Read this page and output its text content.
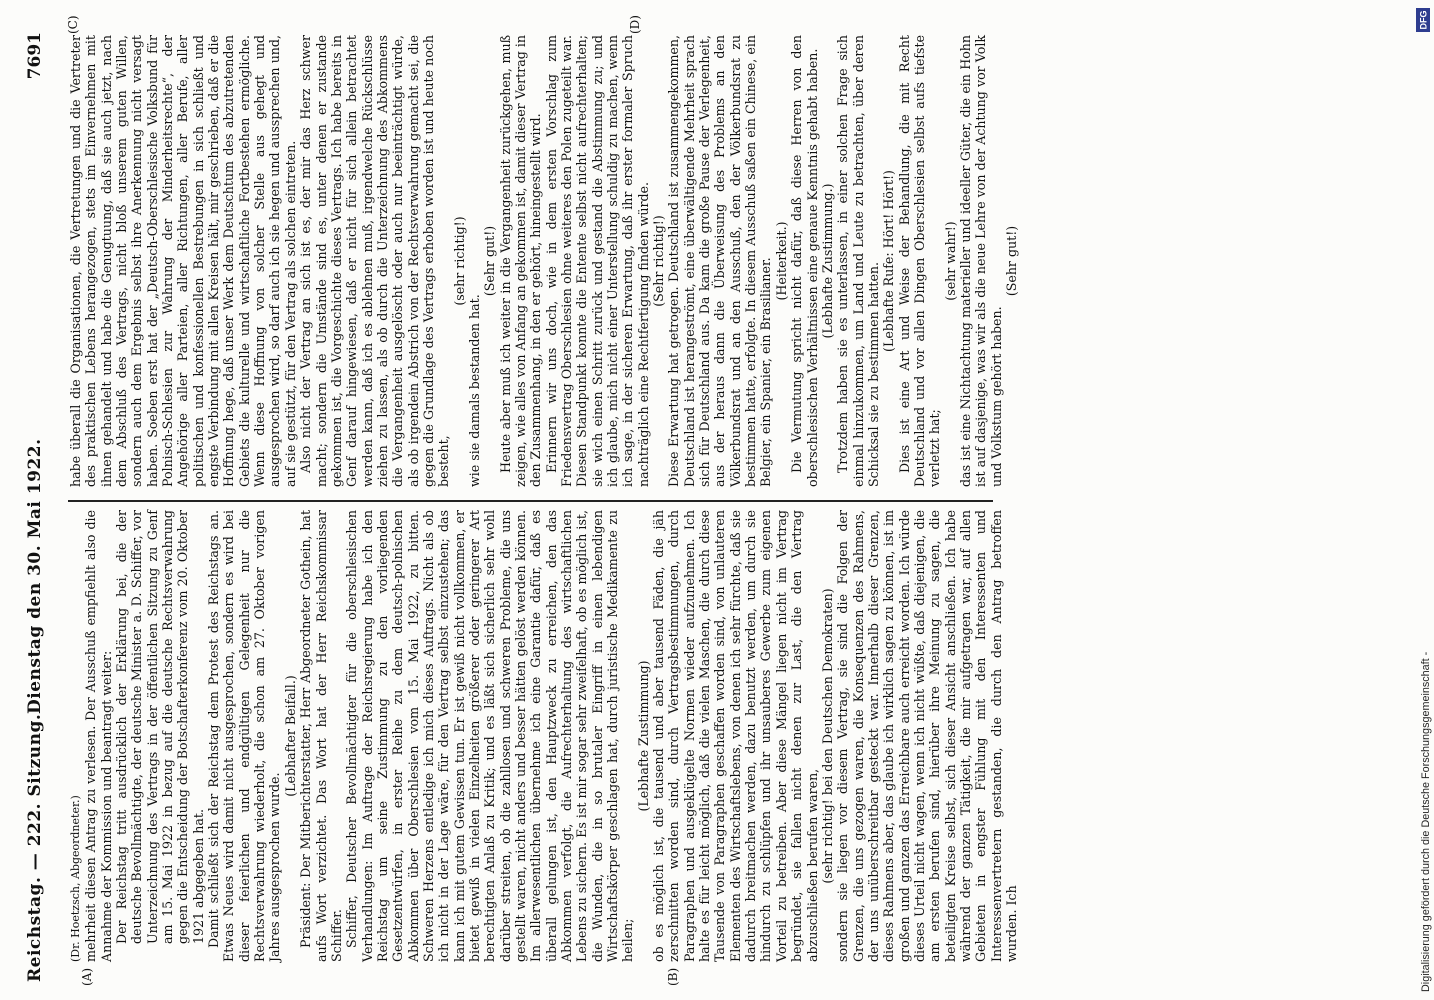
Reichstag. — 222. Sitzung.
Dienstag den 30. Mai 1922.
7691
(A)	(B)
(C)	(D)

(Dr. Hoetzsch, Abgeordneter.) mehrheit diesen Antrag zu verlesen. Der Ausschuß empfiehlt also die Annahme der Kommission und beantragt weiter: Der Reichstag tritt ausdrücklich der Erklärung bei, die der deutsche Bevollmächtigte, der deutsche Minister a. D. Schiffer, vor Unterzeichnung des Vertrags in der öffentlichen Sitzung zu Genf am 15. Mai 1922 in bezug auf die deutsche Rechtsverwahrung gegen die Entscheidung der Botschafterkonferenz vom 20. Oktober 1921 abgegeben hat. Damit schließt sich der Reichstag dem Protest des Reichstags an. Etwas Neues wird damit nicht ausgesprochen, sondern es wird bei dieser feierlichen und endgültigen Gelegenheit nur die Rechtsverwahrung wiederholt, die schon am 27. Oktober vorigen Jahres ausgesprochen wurde.

(Lebhafter Beifall.) Präsident: Der Mitberichterstatter, Herr Abgeordneter Gothein, hat aufs Wort verzichtet. Das Wort hat der Herr Reichskommissar Schiffer. Schiffer, Deutscher Bevollmächtigter für die oberschlesischen Verhandlungen: Im Auftrage der Reichsregierung habe ich den Reichstag um seine Zustimmung zu den vorliegenden Gesetzentwürfen, in erster Reihe zu dem deutsch-polnischen Abkommen über Oberschlesien vom 15. Mai 1922, zu bitten. Schweren Herzens entledige ich mich dieses Auftrags. Nicht als ob ich nicht in der Lage wäre, für den Vertrag selbst einzustehen; das kann ich mit gutem Gewissen tun. Er ist gewiß nicht vollkommen, er bietet gewiß in vielen Einzelheiten größerer oder geringerer Art berechtigten Anlaß zu Kritik; und es läßt sich sicherlich sehr wohl darüber streiten, ob die zahllosen und schweren Probleme, die uns gestellt waren, nicht anders und besser hätten gelöst werden können. Im allerwesentlichen übernehme ich eine Garantie dafür, daß es überall gelungen ist, den Hauptzweck zu erreichen, den das Abkommen verfolgt, die Aufrechterhaltung des wirtschaftlichen Lebens zu sichern. Es ist mir sogar sehr zweifelhaft, ob es möglich ist, die Wunden, die in so brutaler Eingriff in einen lebendigen Wirtschaftskörper geschlagen hat, durch juristische Medikamente zu heilen;

(Lebhafte Zustimmung) ob es möglich ist, die tausend und aber tausend Fäden, die jäh zerschnitten worden sind, durch Vertragsbestimmungen, durch Paragraphen und ausgeklügelte Normen wieder aufzunehmen. Ich halte es für leicht möglich, daß die vielen Maschen, die durch diese Tausende von Paragraphen geschaffen worden sind, von unlauteren Elementen des Wirtschaftslebens, von denen ich sehr fürchte, daß sie dadurch breitmachen werden, dazu benutzt werden, um durch sie hindurch zu schlüpfen und ihr unsauberes Gewerbe zum eigenen Vorteil zu betreiben. Aber diese Mängel liegen nicht im Vertrag begründet, sie fallen nicht denen zur Last, die den Vertrag abzuschließen berufen waren, (sehr richtig! bei den Deutschen Demokraten) sondern sie liegen vor diesem Vertrag, sie sind die Folgen der Grenzen, die uns gezogen waren, die Konsequenzen des Rahmens, der uns unüberschreitbar gesteckt war. Innerhalb dieser Grenzen, dieses Rahmens aber, das glaube ich wirklich sagen zu können, ist im großen und ganzen das Erreichbare auch erreicht worden. Ich würde dieses Urteil nicht wagen, wenn ich nicht wüßte, daß diejenigen, die am ersten berufen sind, hierüber ihre Meinung zu sagen, die beteiligten Kreise selbst, sich dieser Ansicht anschließen. Ich habe während der ganzen Tätigkeit, die mir aufgetragen war, auf allen Gebieten in engster Fühlung mit den Interessenten und Interessenvertretern gestanden, die durch den Antrag betroffen wurden. Ich

habe überall die Organisationen, die Vertretungen und die Vertreter des praktischen Lebens herangezogen, stets im Einvernehmen mit ihnen gehandelt und habe die Genugtuung, daß sie auch jetzt, nach dem Abschluß des Vertrags, nicht bloß unserem guten Willen, sondern auch dem Ergebnis selbst ihre Anerkennung nicht versagt haben. Soeben erst hat der „Deutsch-Oberschlesische Volksbund für Polnisch-Schlesien zur Wahrung der Minderheitsrechte“, der Angehörige aller Parteien, aller Richtungen, aller Berufe, aller politischen und konfessionellen Bestrebungen in sich schließt und engste Verbindung mit allen Kreisen hält, mir geschrieben, daß er die Hoffnung hege, daß unser Werk dem Deutschtum des abzutretenden Gebiets die kulturelle und wirtschaftliche Fortbestehen ermögliche. Wenn diese Hoffnung von solcher Stelle aus gehegt und ausgesprochen wird, so darf auch ich sie hegen und aussprechen und, auf sie gestützt, für den Vertrag als solchen eintreten. Also nicht der Vertrag an sich ist es, der mir das Herz schwer macht; sondern die Umstände sind es, unter denen er zustande gekommen ist, die Vorgeschichte dieses Vertrags. Ich habe bereits in Genf darauf hingewiesen, daß er nicht für sich allein betrachtet werden kann, daß ich es ablehnen muß, irgendwelche Rückschlüsse ziehen zu lassen, als ob durch die Unterzeichnung des Abkommens die Vergangenheit ausgelöscht oder auch nur beeinträchtigt würde, als ob irgendein Abstrich von der Rechtsverwahrung gemacht sei, die gegen die Grundlage des Vertrags erhoben worden ist und heute noch besteht,

(sehr richtig!)

wie sie damals bestanden hat.

(Sehr gut!) Heute aber muß ich weiter in die Vergangenheit zurückgehen, muß zeigen, wie alles von Anfang an gekommen ist, damit dieser Vertrag in den Zusammenhang, in den er gehört, hineingestellt wird. Erinnern wir uns doch, wie in dem ersten Vorschlag zum Friedensvertrag Oberschlesien ohne weiteres den Polen zugeteilt war. Diesen Standpunkt konnte die Entente selbst nicht aufrechterhalten; sie wich einen Schritt zurück und gestand die Abstimmung zu; und ich glaube, mich nicht einer Unterstellung schuldig zu machen, wenn ich sage, in der sicheren Erwartung, daß ihr erster formaler Spruch nachträglich eine Rechtfertigung finden würde. (Sehr richtig!) Diese Erwartung hat getrogen. Deutschland ist zusammengekommen, Deutschland ist herangeströmt, eine überwältigende Mehrheit sprach sich für Deutschland aus. Da kam die große Pause der Verlegenheit, aus der heraus dann die Überweisung des Problems an den Völkerbundsrat und an den Ausschuß, den der Völkerbundsrat zu bestimmen hatte, erfolgte. In diesem Ausschuß saßen ein Chinese, ein Belgier, ein Spanier, ein Brasilianer. (Heiterkeit.) Die Vermutung spricht nicht dafür, daß diese Herren von den oberschlesischen Verhältnissen eine genaue Kenntnis gehabt haben. (Lebhafte Zustimmung.) Trotzdem haben sie es unterlassen, in einer solchen Frage sich einmal hinzukommen, um Land und Leute zu betrachten, über deren Schicksal sie zu bestimmen hatten.

(Lebhafte Rufe: Hört! Hört!) Dies ist eine Art und Weise der Behandlung, die mit Recht Deutschland und vor allen Dingen Oberschlesien selbst aufs tiefste verletzt hat;

(sehr wahr!) das ist eine Nichtachtung materieller und ideeller Güter, die ein Hohn ist auf dasjenige, was wir als die neue Lehre von der Achtung vor Volk und Volkstum gehört haben.

(Sehr gut!)

Digitalisierung gefördert durch die Deutsche Forschungsgemeinschaft -
DFG
